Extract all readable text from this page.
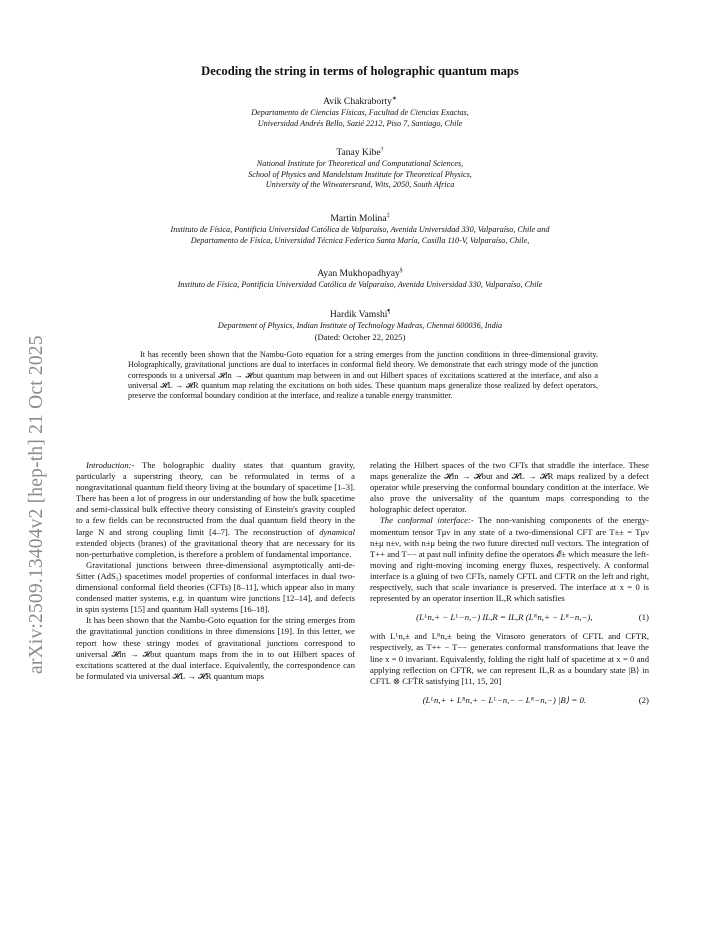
arXiv:2509.13404v2 [hep-th] 21 Oct 2025
Decoding the string in terms of holographic quantum maps
Avik Chakraborty∗
Departamento de Ciencias Físicas, Facultad de Ciencias Exactas,
Universidad Andrés Bello, Sazié 2212, Piso 7, Santiago, Chile
Tanay Kibe†
National Institute for Theoretical and Computational Sciences,
School of Physics and Mandelstam Institute for Theoretical Physics,
University of the Witwatersrand, Wits, 2050, South Africa
Martín Molina‡
Instituto de Física, Pontificia Universidad Católica de Valparaíso, Avenida Universidad 330, Valparaíso, Chile and
Departamento de Física, Universidad Técnica Federico Santa María, Casilla 110-V, Valparaíso, Chile,
Ayan Mukhopadhyay§
Instituto de Física, Pontificia Universidad Católica de Valparaíso, Avenida Universidad 330, Valparaíso, Chile
Hardik Vamshi¶
Department of Physics, Indian Institute of Technology Madras, Chennai 600036, India
(Dated: October 22, 2025)
It has recently been shown that the Nambu-Goto equation for a string emerges from the junction conditions in three-dimensional gravity. Holographically, gravitational junctions are dual to interfaces in conformal field theory. We demonstrate that each stringy mode of the junction corresponds to a universal 𝓗in → 𝓗out quantum map between in and out Hilbert spaces of excitations scattered at the interface, and also a universal 𝓗L → 𝓗R quantum map relating the excitations on both sides. These quantum maps generalize those realized by defect operators, preserve the conformal boundary condition at the interface, and realize a tunable energy transmitter.

Introduction:- The holographic duality states that quantum gravity, particularly a superstring theory, can be reformulated in terms of a nongravitational quantum field theory living at the boundary of spacetime [1–3]. There has been a lot of progress in our understanding of how the bulk spacetime and semi-classical bulk effective theory consisting of Einstein's gravity coupled to a few fields can be reconstructed from the dual quantum field theory in the large N and strong coupling limit [4–7]. The reconstruction of dynamical extended objects (branes) of the gravitational theory that are necessary for its non-perturbative completion, is therefore a problem of fundamental importance.

Gravitational junctions between three-dimensional asymptotically anti-de-Sitter (AdS₃) spacetimes model properties of conformal interfaces in dual two-dimensional conformal field theories (CFTs) [8–11], which appear also in many condensed matter systems, e.g. in quantum wire junctions [12–14], and defects in spin systems [15] and quantum Hall systems [16–18].

It has been shown that the Nambu-Goto equation for the string emerges from the gravitational junction conditions in three dimensions [19]. In this letter, we report how these stringy modes of gravitational junctions correspond to universal 𝓗in → 𝓗out quantum maps from the in to out Hilbert spaces of excitations scattered at the dual interface. Equivalently, the correspondence can be formulated via universal 𝓗L → 𝓗R quantum maps

relating the Hilbert spaces of the two CFTs that straddle the interface. These maps generalize the 𝓗in → 𝓗out and 𝓗L → 𝓗R maps realized by a defect operator while preserving the conformal boundary condition at the interface. We also prove the universality of the quantum maps corresponding to the holographic defect operator.

The conformal interface:- The non-vanishing components of the energy-momentum tensor Tμν in any state of a two-dimensional CFT are T±± = Tμν n±μ n±ν, with n±μ being the two future directed null vectors. The integration of T++ and T−− at past null infinity define the operators 𝓔± which measure the left-moving and right-moving incoming energy fluxes, respectively. A conformal interface is a gluing of two CFTs, namely CFTL and CFTR on the left and right, respectively, such that scale invariance is preserved. The interface at x = 0 is represented by an operator insertion IL,R which satisfies

(Lᴸn,+ − Lᴸ−n,−) IL,R = IL,R (Lᴿn,+ − Lᴿ−n,−),	(1)

with Lᴸn,± and Lᴿn,± being the Virasoro generators of CFTL and CFTR, respectively, as T++ − T−− generates conformal transformations that leave the line x = 0 invariant. Equivalently, folding the right half of spacetime at x = 0 and applying reflection on CFTR, we can represent IL,R as a boundary state |B⟩ in CFTL ⊗ CFT̄R satisfying [11, 15, 20]

(Lᴸn,+ + Lᴿn,+ − Lᴸ−n,− − Lᴿ−n,−) |B⟩ = 0.	(2)
